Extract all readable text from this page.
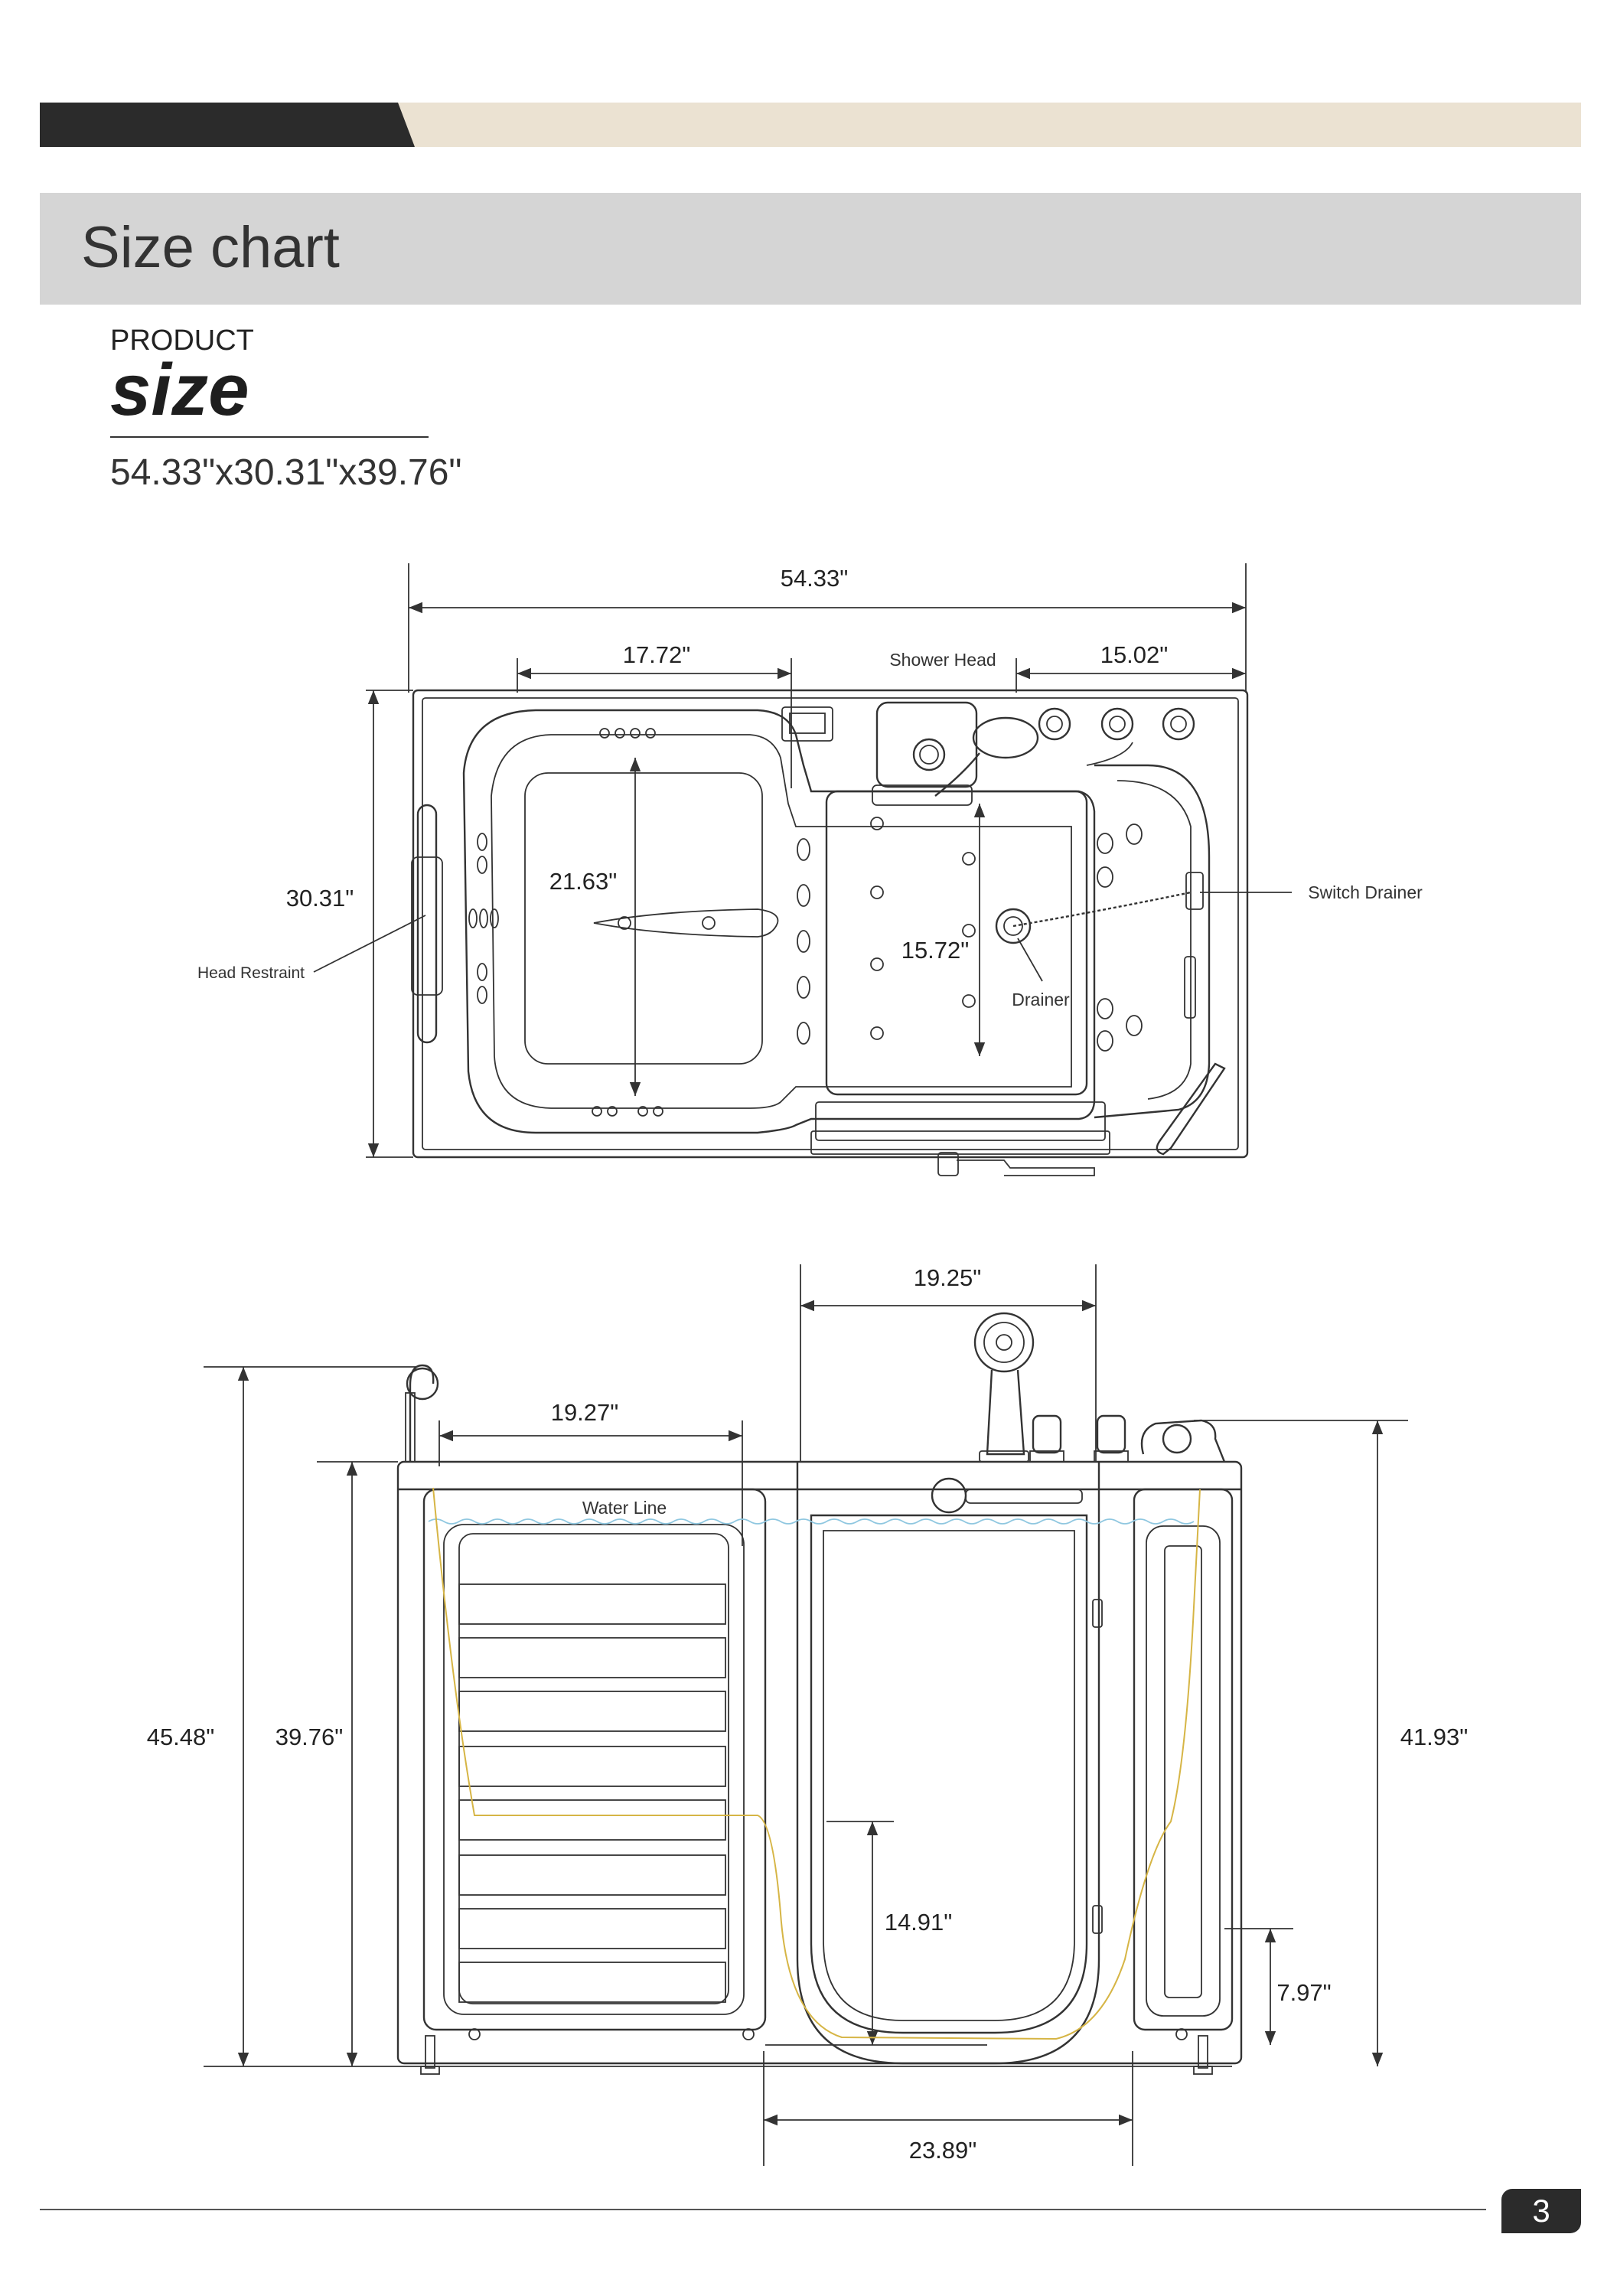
Size chart
PRODUCT
size
54.33"x30.31"x39.76"
54.33"
17.72"	Shower Head	15.02"
30.31"
21.63"
15.72"
Head Restraint
Switch Drainer
Drainer
19.25"
19.27"
Water Line
45.48"	39.76"	41.93"
14.91"
7.97"
23.89"
3
